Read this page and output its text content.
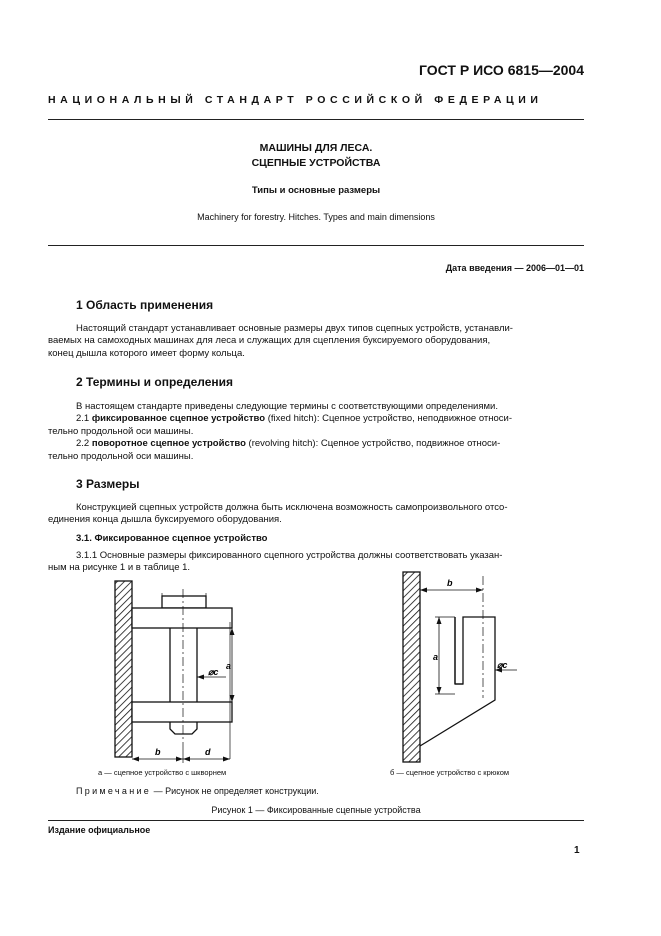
ГОСТ Р ИСО 6815—2004
НАЦИОНАЛЬНЫЙ СТАНДАРТ РОССИЙСКОЙ ФЕДЕРАЦИИ
МАШИНЫ ДЛЯ ЛЕСА.
СЦЕПНЫЕ УСТРОЙСТВА
Типы и основные размеры
Machinery for forestry. Hitches. Types and main dimensions
Дата введения — 2006—01—01
1 Область применения
Настоящий стандарт устанавливает основные размеры двух типов сцепных устройств, устанавли-
ваемых на самоходных машинах для леса и служащих для сцепления буксируемого оборудования,
конец дышла которого имеет форму кольца.
2 Термины и определения
В настоящем стандарте приведены следующие термины с соответствующими определениями.
2.1 фиксированное сцепное устройство (fixed hitch): Сцепное устройство, неподвижное относи-
тельно продольной оси машины.
2.2 поворотное сцепное устройство (revolving hitch): Сцепное устройство, подвижное относи-
тельно продольной оси машины.
3 Размеры
Конструкцией сцепных устройств должна быть исключена возможность самопроизвольного отсо-
единения конца дышла буксируемого оборудования.
3.1. Фиксированное сцепное устройство
3.1.1 Основные размеры фиксированного сцепного устройства должны соответствовать указан-
ным на рисунке 1 и в таблице 1.
a
⌀c
b	d
b
a
⌀c
а — сцепное устройство с шкворнем	б — сцепное устройство с крюком
Примечание — Рисунок не определяет конструкции.
Рисунок 1 — Фиксированные сцепные устройства
Издание официальное
1
